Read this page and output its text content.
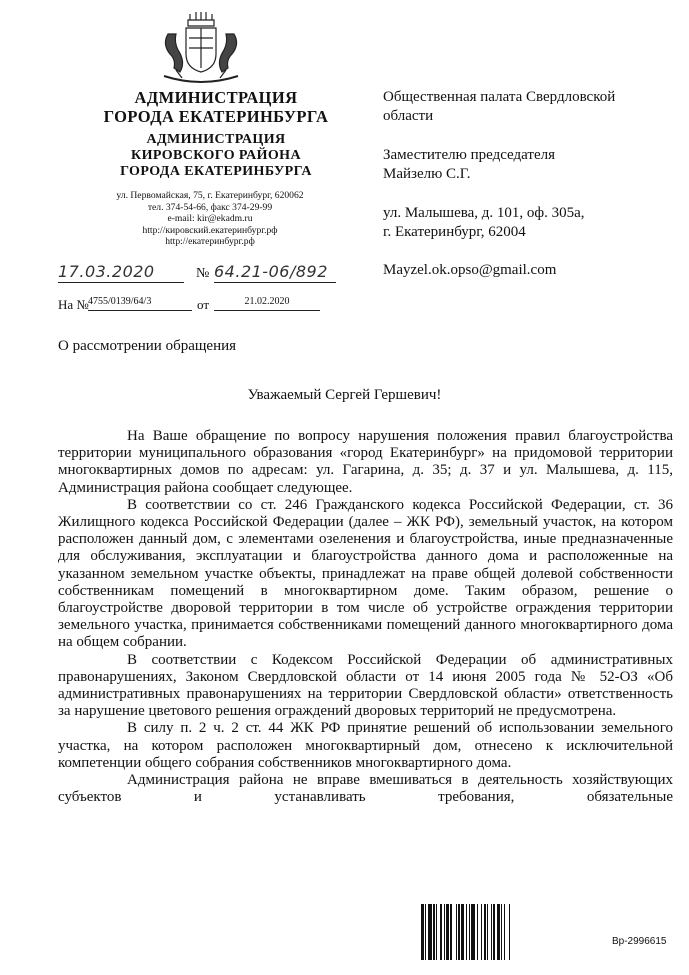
АДМИНИСТРАЦИЯ
ГОРОДА ЕКАТЕРИНБУРГА
АДМИНИСТРАЦИЯ
КИРОВСКОГО РАЙОНА
ГОРОДА ЕКАТЕРИНБУРГА
ул. Первомайская, 75, г. Екатеринбург, 620062
тел. 374-54-66, факс 374-29-99
e-mail: kir@ekadm.ru
http://кировский.екатеринбург.рф
http://екатеринбург.рф
17.03.2020	№ 64.21-06/892
На № 4755/0139/64/3	от	21.02.2020
Общественная палата Свердловской
области
Заместителю председателя
Майзелю С.Г.
ул. Малышева, д. 101, оф. 305а,
г. Екатеринбург, 62004
Mayzel.ok.opso@gmail.com
О рассмотрении обращения
Уважаемый Сергей Гершевич!

На Ваше обращение по вопросу нарушения положения правил благоустройства территории муниципального образования «город Екатеринбург» на придомовой территории многоквартирных домов по адресам: ул. Гагарина, д. 35; д. 37 и ул. Малышева, д. 115, Администрация района сообщает следующее.

В соответствии со ст. 246 Гражданского кодекса Российской Федерации, ст. 36 Жилищного кодекса Российской Федерации (далее – ЖК РФ), земельный участок, на котором расположен данный дом, с элементами озеленения и благоустройства, иные предназначенные для обслуживания, эксплуатации и благоустройства данного дома и расположенные на указанном земельном участке объекты, принадлежат на праве общей долевой собственности собственникам помещений в многоквартирном доме. Таким образом, решение о благоустройстве дворовой территории в том числе об устройстве ограждения территории земельного участка, принимается собственниками помещений данного многоквартирного дома на общем собрании.

В соответствии с Кодексом Российской Федерации об административных правонарушениях, Законом Свердловской области от 14 июня 2005 года № 52-ОЗ «Об административных правонарушениях на территории Свердловской области» ответственность за нарушение цветового решения ограждений дворовых территорий не предусмотрена.

В силу п. 2 ч. 2 ст. 44 ЖК РФ принятие решений об использовании земельного участка, на котором расположен многоквартирный дом, отнесено к исключительной компетенции общего собрания собственников многоквартирного дома.

Администрация района не вправе вмешиваться в деятельность хозяйствующих субъектов и устанавливать требования, обязательные

Вр-2996615
